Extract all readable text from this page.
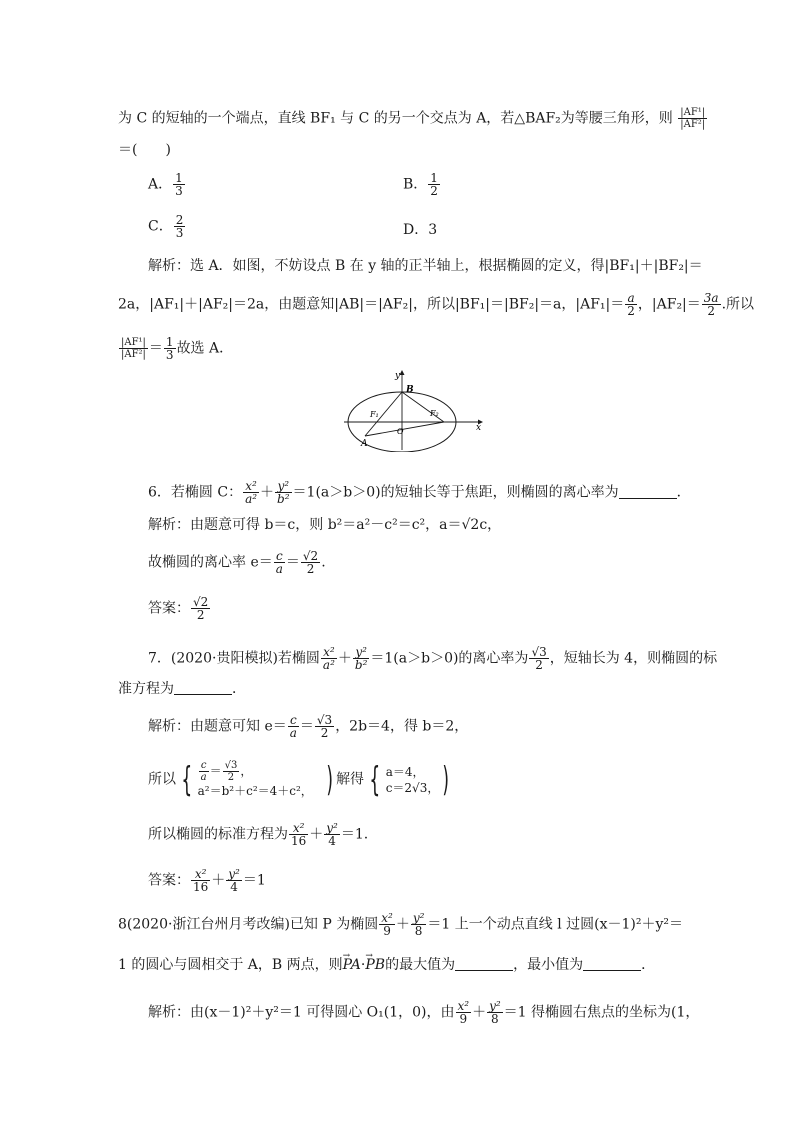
为 C 的短轴的一个端点，直线 BF₁ 与 C 的另一个交点为 A，若△BAF₂为等腰三角形，则 $\frac{\text{|AF¹|}}{\text{|AF²|}}$
＝(　　)
A． $\frac{1}{3}$	B． $\frac{1}{2}$
C． $\frac{2}{3}$	D．3
解析：选 A．如图，不妨设点 B 在 y 轴的正半轴上，根据椭圆的定义，得|BF₁|＋|BF₂|＝
2a，|AF₁|＋|AF₂|＝2a，由题意知|AB|＝|AF₂|，所以|BF₁|＝|BF₂|＝a，$|AF_1|= \frac{a}{2}$ ，$|AF_2|= \frac{3a}{2}$ .所以
$\frac{\text{|AF¹|}}{\text{|AF²|}} = \frac{1}{3}$ 故选 A．
y
x
B
F₁	F₂
O
A
6．若椭圆 C： $\frac{\text{x²}}{\text{a²}} + \frac{\text{y²}}{\text{b²}} =1(a>b>0)$的短轴长等于焦距，则椭圆的离心率为	．
解析：由题意可得 b＝c，则 b²＝a²－c²＝c²，a＝√2c，
故椭圆的离心率 $e= \frac{c}{a} = \frac{√2}{2}$ .
答案： $\frac{√2}{2}$
7．(2020·贵阳模拟)若椭圆 $\frac{\text{x²}}{\text{a²}} + \frac{\text{y²}}{\text{b²}} =1(a>b>0)$的离心率为 $\frac{√3}{2}$ ，短轴长为 4，则椭圆的标
准方程为	．
解析：由题意可知 $e= \frac{c}{a} = \frac{√3}{2}$ ，2b＝4，得 b＝2，
所以 { $\frac{c}{a} = \frac{√3}{2}$ ，
a²＝b²＋c²＝4＋c²， ) 解得 { a＝4，
c＝2√3， )
所以椭圆的标准方程为 $\frac{\text{x²}}{16} + \frac{\text{y²}}{4} =1$.
答案： $\frac{\text{x²}}{16} + \frac{\text{y²}}{4} =1$
8(2020·浙江台州月考改编)已知 P 为椭圆 $\frac{\text{x²}}{9} + \frac{\text{y²}}{8} =1$ 上一个动点直线 l 过圆(x－1)²＋y²＝
1 的圆心与圆相交于 A，B 两点，则→ PA·→ PB的最大值为	，最小值为	．
解析：由(x－1)²＋y²＝1 可得圆心 O₁(1，0)，由 $\frac{\text{x²}}{9} + \frac{\text{y²}}{8} =1$ 得椭圆右焦点的坐标为(1，
